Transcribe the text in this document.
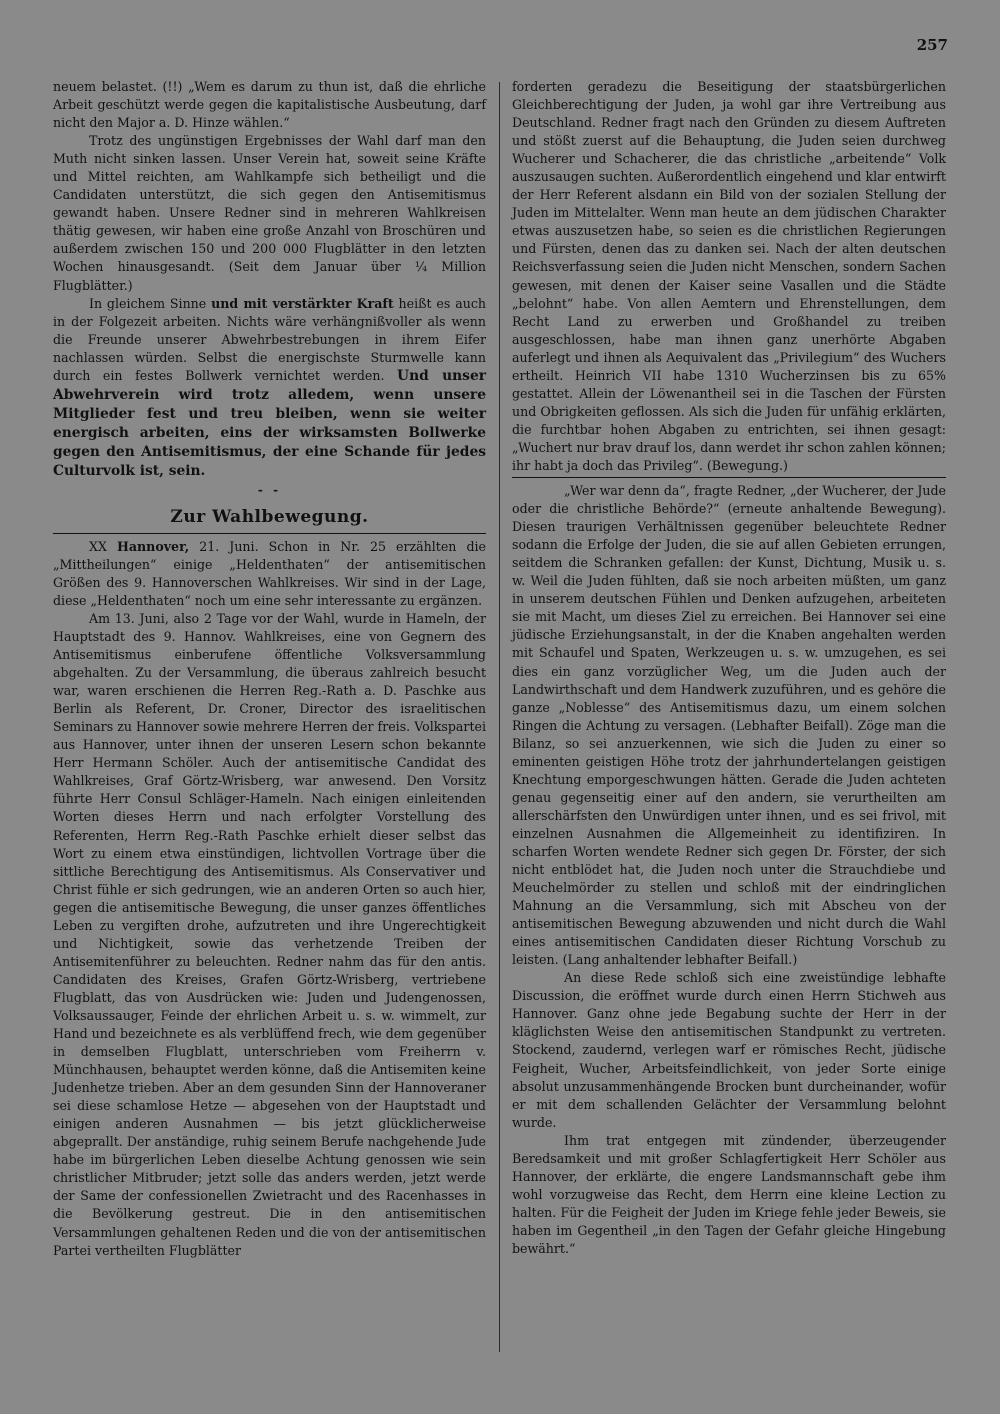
257

neuem belastet. (!!) „Wem es darum zu thun ist, daß die ehrliche Arbeit geschützt werde gegen die kapitalistische Ausbeutung, darf nicht den Major a. D. Hinze wählen.“

Trotz des ungünstigen Ergebnisses der Wahl darf man den Muth nicht sinken lassen. Unser Verein hat, soweit seine Kräfte und Mittel reichten, am Wahlkampfe sich betheiligt und die Candidaten unterstützt, die sich gegen den Antisemitismus gewandt haben. Unsere Redner sind in mehreren Wahlkreisen thätig gewesen, wir haben eine große Anzahl von Broschüren und außerdem zwischen 150 und 200 000 Flugblätter in den letzten Wochen hinausgesandt. (Seit dem Januar über ¼ Million Flugblätter.)

In gleichem Sinne und mit verstärkter Kraft heißt es auch in der Folgezeit arbeiten. Nichts wäre verhängnißvoller als wenn die Freunde unserer Abwehrbestrebungen in ihrem Eifer nachlassen würden. Selbst die energischste Sturmwelle kann durch ein festes Bollwerk vernichtet werden. Und unser Abwehrverein wird trotz alledem, wenn unsere Mitglieder fest und treu bleiben, wenn sie weiter energisch arbeiten, eins der wirksamsten Bollwerke gegen den Antisemitismus, der eine Schande für jedes Culturvolk ist, sein.

- -
Zur Wahlbewegung.

XX Hannover, 21. Juni. Schon in Nr. 25 erzählten die „Mittheilungen“ einige „Heldenthaten“ der antisemitischen Größen des 9. Hannoverschen Wahlkreises. Wir sind in der Lage, diese „Heldenthaten“ noch um eine sehr interessante zu ergänzen.

Am 13. Juni, also 2 Tage vor der Wahl, wurde in Hameln, der Hauptstadt des 9. Hannov. Wahlkreises, eine von Gegnern des Antisemitismus einberufene öffentliche Volksversammlung abgehalten. Zu der Versammlung, die überaus zahlreich besucht war, waren erschienen die Herren Reg.-Rath a. D. Paschke aus Berlin als Referent, Dr. Croner, Director des israelitischen Seminars zu Hannover sowie mehrere Herren der freis. Volkspartei aus Hannover, unter ihnen der unseren Lesern schon bekannte Herr Hermann Schöler. Auch der antisemitische Candidat des Wahlkreises, Graf Görtz-Wrisberg, war anwesend. Den Vorsitz führte Herr Consul Schläger-Hameln. Nach einigen einleitenden Worten dieses Herrn und nach erfolgter Vorstellung des Referenten, Herrn Reg.-Rath Paschke erhielt dieser selbst das Wort zu einem etwa einstündigen, lichtvollen Vortrage über die sittliche Berechtigung des Antisemitismus. Als Conservativer und Christ fühle er sich gedrungen, wie an anderen Orten so auch hier, gegen die antisemitische Bewegung, die unser ganzes öffentliches Leben zu vergiften drohe, aufzutreten und ihre Ungerechtigkeit und Nichtigkeit, sowie das verhetzende Treiben der Antisemitenführer zu beleuchten. Redner nahm das für den antis. Candidaten des Kreises, Grafen Görtz-Wrisberg, vertriebene Flugblatt, das von Ausdrücken wie: Juden und Judengenossen, Volksaussauger, Feinde der ehrlichen Arbeit u. s. w. wimmelt, zur Hand und bezeichnete es als verblüffend frech, wie dem gegenüber in demselben Flugblatt, unterschrieben vom Freiherrn v. Münchhausen, behauptet werden könne, daß die Antisemiten keine Judenhetze trieben. Aber an dem gesunden Sinn der Hannoveraner sei diese schamlose Hetze — abgesehen von der Hauptstadt und einigen anderen Ausnahmen — bis jetzt glücklicherweise abgeprallt. Der anständige, ruhig seinem Berufe nachgehende Jude habe im bürgerlichen Leben dieselbe Achtung genossen wie sein christlicher Mitbruder; jetzt solle das anders werden, jetzt werde der Same der confessionellen Zwietracht und des Racenhasses in die Bevölkerung gestreut. Die in den antisemitischen Versammlungen gehaltenen Reden und die von der antisemitischen Partei vertheilten Flugblätter

forderten geradezu die Beseitigung der staatsbürgerlichen Gleichberechtigung der Juden, ja wohl gar ihre Vertreibung aus Deutschland. Redner fragt nach den Gründen zu diesem Auftreten und stößt zuerst auf die Behauptung, die Juden seien durchweg Wucherer und Schacherer, die das christliche „arbeitende“ Volk auszusaugen suchten. Außerordentlich eingehend und klar entwirft der Herr Referent alsdann ein Bild von der sozialen Stellung der Juden im Mittelalter. Wenn man heute an dem jüdischen Charakter etwas auszusetzen habe, so seien es die christlichen Regierungen und Fürsten, denen das zu danken sei. Nach der alten deutschen Reichsverfassung seien die Juden nicht Menschen, sondern Sachen gewesen, mit denen der Kaiser seine Vasallen und die Städte „belohnt“ habe. Von allen Aemtern und Ehrenstellungen, dem Recht Land zu erwerben und Großhandel zu treiben ausgeschlossen, habe man ihnen ganz unerhörte Abgaben auferlegt und ihnen als Aequivalent das „Privilegium“ des Wuchers ertheilt. Heinrich VII habe 1310 Wucherzinsen bis zu 65% gestattet. Allein der Löwenantheil sei in die Taschen der Fürsten und Obrigkeiten geflossen. Als sich die Juden für unfähig erklärten, die furchtbar hohen Abgaben zu entrichten, sei ihnen gesagt: „Wuchert nur brav drauf los, dann werdet ihr schon zahlen können; ihr habt ja doch das Privileg“. (Bewegung.)

„Wer war denn da“, fragte Redner, „der Wucherer, der Jude oder die christliche Behörde?“ (erneute anhaltende Bewegung). Diesen traurigen Verhältnissen gegenüber beleuchtete Redner sodann die Erfolge der Juden, die sie auf allen Gebieten errungen, seitdem die Schranken gefallen: der Kunst, Dichtung, Musik u. s. w. Weil die Juden fühlten, daß sie noch arbeiten müßten, um ganz in unserem deutschen Fühlen und Denken aufzugehen, arbeiteten sie mit Macht, um dieses Ziel zu erreichen. Bei Hannover sei eine jüdische Erziehungsanstalt, in der die Knaben angehalten werden mit Schaufel und Spaten, Werkzeugen u. s. w. umzugehen, es sei dies ein ganz vorzüglicher Weg, um die Juden auch der Landwirthschaft und dem Handwerk zuzuführen, und es gehöre die ganze „Noblesse“ des Antisemitismus dazu, um einem solchen Ringen die Achtung zu versagen. (Lebhafter Beifall). Zöge man die Bilanz, so sei anzuerkennen, wie sich die Juden zu einer so eminenten geistigen Höhe trotz der jahrhundertelangen geistigen Knechtung emporgeschwungen hätten. Gerade die Juden achteten genau gegenseitig einer auf den andern, sie verurtheilten am allerschärfsten den Unwürdigen unter ihnen, und es sei frivol, mit einzelnen Ausnahmen die Allgemeinheit zu identifiziren. In scharfen Worten wendete Redner sich gegen Dr. Förster, der sich nicht entblödet hat, die Juden noch unter die Strauchdiebe und Meuchelmörder zu stellen und schloß mit der eindringlichen Mahnung an die Versammlung, sich mit Abscheu von der antisemitischen Bewegung abzuwenden und nicht durch die Wahl eines antisemitischen Candidaten dieser Richtung Vorschub zu leisten. (Lang anhaltender lebhafter Beifall.)

An diese Rede schloß sich eine zweistündige lebhafte Discussion, die eröffnet wurde durch einen Herrn Stichweh aus Hannover. Ganz ohne jede Begabung suchte der Herr in der kläglichsten Weise den antisemitischen Standpunkt zu vertreten. Stockend, zaudernd, verlegen warf er römisches Recht, jüdische Feigheit, Wucher, Arbeitsfeindlichkeit, von jeder Sorte einige absolut unzusammenhängende Brocken bunt durcheinander, wofür er mit dem schallenden Gelächter der Versammlung belohnt wurde.

Ihm trat entgegen mit zündender, überzeugender Beredsamkeit und mit großer Schlagfertigkeit Herr Schöler aus Hannover, der erklärte, die engere Landsmannschaft gebe ihm wohl vorzugweise das Recht, dem Herrn eine kleine Lection zu halten. Für die Feigheit der Juden im Kriege fehle jeder Beweis, sie haben im Gegentheil „in den Tagen der Gefahr gleiche Hingebung bewährt.“
